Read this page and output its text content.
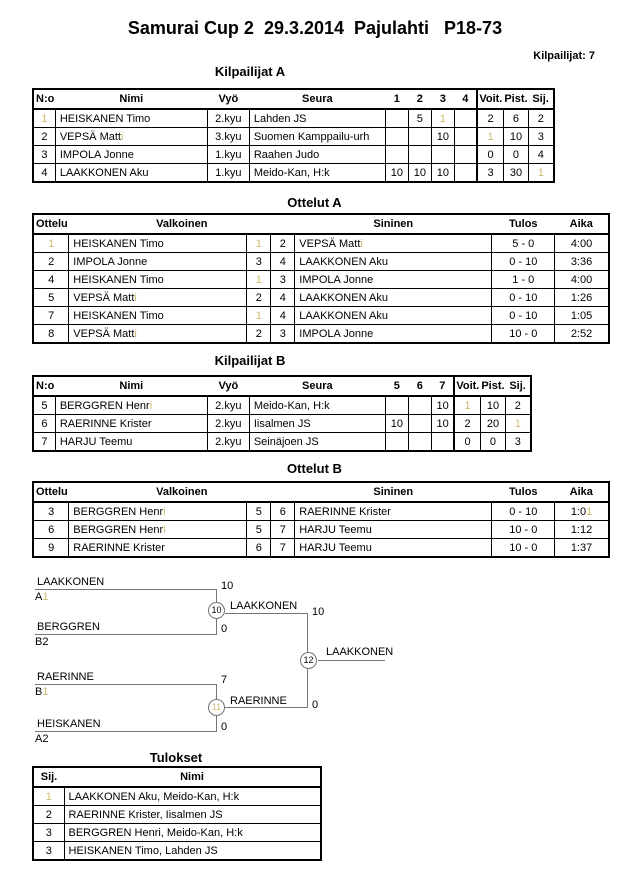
Samurai Cup 2  29.3.2014  Pajulahti   P18-73
Kilpailijat: 7
Kilpailijat A
N:o	Nimi	Vyö	Seura	1	2	3	4	Voit.	Pist.	Sij.
1	HEISKANEN Timo	2.kyu	Lahden JS		5	1		2	6	2
2	VEPSÄ Matti	3.kyu	Suomen Kamppailu-urh			10		1	10	3
3	IMPOLA Jonne	1.kyu	Raahen Judo					0	0	4
4	LAAKKONEN Aku	1.kyu	Meido-Kan, H:k	10	10	10		3	30	1
Ottelut A
Ottelu	Valkoinen			Sininen	Tulos	Aika
1	HEISKANEN Timo	1	2	VEPSÄ Matti	5 - 0	4:00
2	IMPOLA Jonne	3	4	LAAKKONEN Aku	0 - 10	3:36
4	HEISKANEN Timo	1	3	IMPOLA Jonne	1 - 0	4:00
5	VEPSÄ Matti	2	4	LAAKKONEN Aku	0 - 10	1:26
7	HEISKANEN Timo	1	4	LAAKKONEN Aku	0 - 10	1:05
8	VEPSÄ Matti	2	3	IMPOLA Jonne	10 - 0	2:52
Kilpailijat B
N:o	Nimi	Vyö	Seura	5	6	7	Voit.	Pist.	Sij.
5	BERGGREN Henri	2.kyu	Meido-Kan, H:k			10	1	10	2
6	RAERINNE Krister	2.kyu	Iisalmen JS	10		10	2	20	1
7	HARJU Teemu	2.kyu	Seinäjoen JS				0	0	3
Ottelut B
Ottelu	Valkoinen			Sininen	Tulos	Aika
3	BERGGREN Henri	5	6	RAERINNE Krister	0 - 10	1:01
6	BERGGREN Henri	5	7	HARJU Teemu	10 - 0	1:12
9	RAERINNE Krister	6	7	HARJU Teemu	10 - 0	1:37
LAAKKONEN
A1
10
BERGGREN
B2
0
RAERINNE
B1
7
HEISKANEN
A2
0
LAAKKONEN 10
RAERINNE 0
LAAKKONEN
10
11
12
Tulokset
Sij.	Nimi
1	LAAKKONEN Aku, Meido-Kan, H:k
2	RAERINNE Krister, Iisalmen JS
3	BERGGREN Henri, Meido-Kan, H:k
3	HEISKANEN Timo, Lahden JS
